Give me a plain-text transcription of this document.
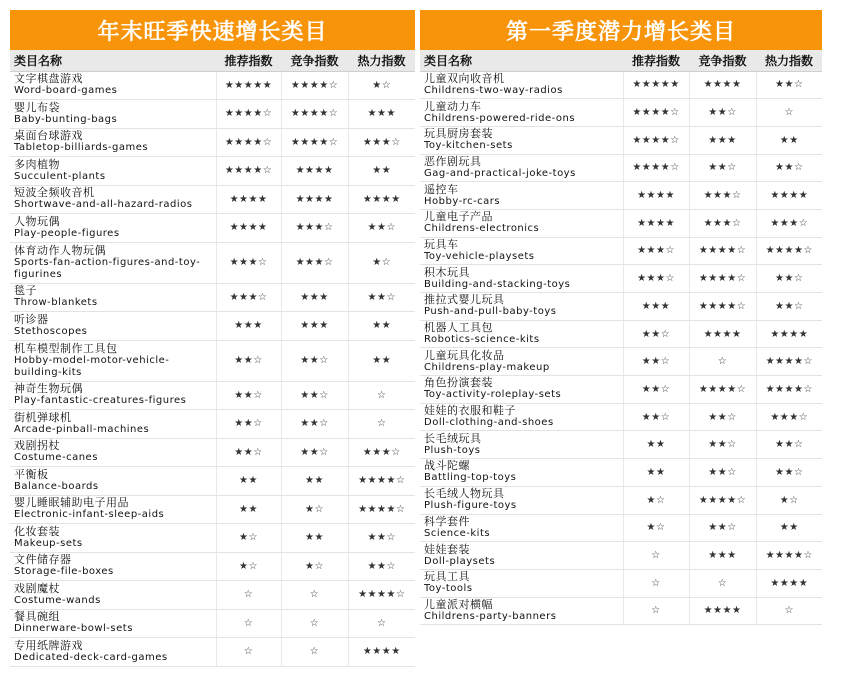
年末旺季快速增长类目
类目名称	推荐指数	竞争指数	热力指数

文字棋盘游戏
Word-board-games	★★★★★	★★★★☆	★☆

婴儿布袋
Baby-bunting-bags	★★★★☆	★★★★☆	★★★

桌面台球游戏
Tabletop-billiards-games	★★★★☆	★★★★☆	★★★☆

多肉植物
Succulent-plants	★★★★☆	★★★★	★★

短波全频收音机
Shortwave-and-all-hazard-radios	★★★★	★★★★	★★★★

人物玩偶
Play-people-figures	★★★★	★★★☆	★★☆

体育动作人物玩偶
Sports-fan-action-figures-and-toy-figurines	★★★☆	★★★☆	★☆

毯子
Throw-blankets	★★★☆	★★★	★★☆

听诊器
Stethoscopes	★★★	★★★	★★

机车模型制作工具包
Hobby-model-motor-vehicle-building-kits	★★☆	★★☆	★★

神奇生物玩偶
Play-fantastic-creatures-figures	★★☆	★★☆	☆

街机弹球机
Arcade-pinball-machines	★★☆	★★☆	☆

戏剧拐杖
Costume-canes	★★☆	★★☆	★★★☆

平衡板
Balance-boards	★★	★★	★★★★☆

婴儿睡眠辅助电子用品
Electronic-infant-sleep-aids	★★	★☆	★★★★☆

化妆套装
Makeup-sets	★☆	★★	★★☆

文件储存器
Storage-file-boxes	★☆	★☆	★★☆

戏剧魔杖
Costume-wands	☆	☆	★★★★☆

餐具碗组
Dinnerware-bowl-sets	☆	☆	☆

专用纸牌游戏
Dedicated-deck-card-games	☆	☆	★★★★
第一季度潜力增长类目
类目名称	推荐指数	竞争指数	热力指数

儿童双向收音机
Childrens-two-way-radios	★★★★★	★★★★	★★☆

儿童动力车
Childrens-powered-ride-ons	★★★★☆	★★☆	☆

玩具厨房套装
Toy-kitchen-sets	★★★★☆	★★★	★★

恶作剧玩具
Gag-and-practical-joke-toys	★★★★☆	★★☆	★★☆

遥控车
Hobby-rc-cars	★★★★	★★★☆	★★★★

儿童电子产品
Childrens-electronics	★★★★	★★★☆	★★★☆

玩具车
Toy-vehicle-playsets	★★★☆	★★★★☆	★★★★☆

积木玩具
Building-and-stacking-toys	★★★☆	★★★★☆	★★☆

推拉式婴儿玩具
Push-and-pull-baby-toys	★★★	★★★★☆	★★☆

机器人工具包
Robotics-science-kits	★★☆	★★★★	★★★★

儿童玩具化妆品
Childrens-play-makeup	★★☆	☆	★★★★☆

角色扮演套装
Toy-activity-roleplay-sets	★★☆	★★★★☆	★★★★☆

娃娃的衣服和鞋子
Doll-clothing-and-shoes	★★☆	★★☆	★★★☆

长毛绒玩具
Plush-toys	★★	★★☆	★★☆

战斗陀螺
Battling-top-toys	★★	★★☆	★★☆

长毛绒人物玩具
Plush-figure-toys	★☆	★★★★☆	★☆

科学套件
Science-kits	★☆	★★☆	★★

娃娃套装
Doll-playsets	☆	★★★	★★★★☆

玩具工具
Toy-tools	☆	☆	★★★★

儿童派对横幅
Childrens-party-banners	☆	★★★★	☆
